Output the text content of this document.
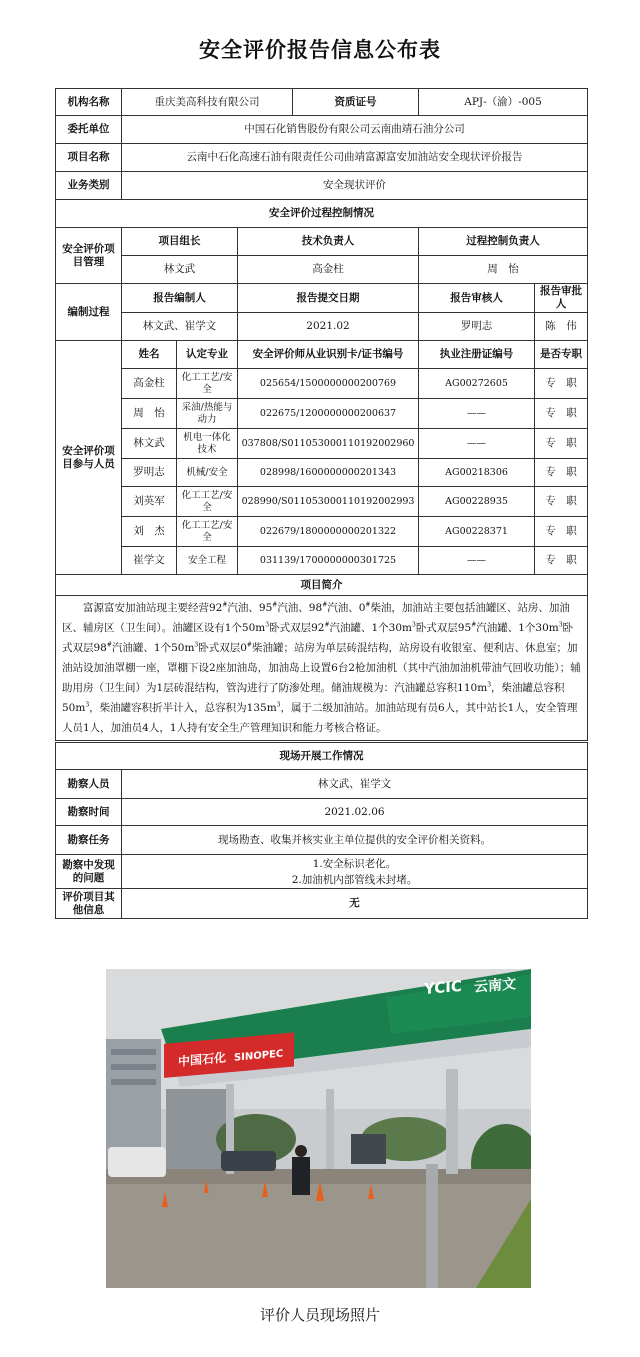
安全评价报告信息公布表
机构名称	重庆美高科技有限公司			资质证号	APJ-（渝）-005	
委托单位	中国石化销售股份有限公司云南曲靖石油分公司					
项目名称	云南中石化高速石油有限责任公司曲靖富源富安加油站安全现状评价报告					
业务类别	安全现状评价					
安全评价过程控制情况						
安全评价项目管理	项目组长		技术负责人		过程控制负责人	
	林文武		高金柱		周　怡	
编制过程	报告编制人		报告提交日期		报告审核人	报告审批人
	林文武、崔学文		2021.02		罗明志	陈　伟
安全评价项目参与人员	姓名	认定专业	安全评价师从业识别卡/证书编号		执业注册证编号	是否专职
	高金柱	化工工艺/安全	025654/1500000000200769		AG00272605	专　职
	周　怡	采油/热能与动力	022675/1200000000200637		——	专　职
	林文武	机电一体化技术	037808/S011053000110192002960		——	专　职
	罗明志	机械/安全	028998/1600000000201343		AG00218306	专　职
	刘英军	化工工艺/安全	028990/S011053000110192002993		AG00228935	专　职
	刘　杰	化工工艺/安全	022679/1800000000201322		AG00228371	专　职
	崔学文	安全工程	031139/1700000000301725		——	专　职
项目简介						
富源富安加油站现主要经营92#汽油、95#汽油、98#汽油、0#柴油，加油站主要包括油罐区、站房、加油区、辅房区（卫生间）。油罐区设有1个$50m^3$卧式双层92#汽油罐、1个$30m^3$卧式双层95#汽油罐、1个$30m^3$卧式双层98#汽油罐、1个$50m^3$卧式双层0#柴油罐；站房为单层砖混结构，站房设有收银室、便利店、休息室；加油站设加油罩棚一座，罩棚下设2座加油岛，加油岛上设置6台2枪加油机（其中汽油加油机带油气回收功能）；辅助用房（卫生间）为1层砖混结构，管沟进行了防渗处理。储油规模为：汽油罐总容积$110m^3$，柴油罐总容积$50m^3$，柴油罐容积折半计入，总容积为$135m^3$，属于二级加油站。加油站现有员6人，其中站长1人，安全管理人员1人，加油员4人，1人持有安全生产管理知识和能力考核合格证。						
现场开展工作情况	
勘察人员	林文武、崔学文
勘察时间	2021.02.06
勘察任务	现场勘查、收集并核实业主单位提供的安全评价相关资料。
勘察中发现的问题	1.安全标识老化。
2.加油机内部管线未封堵。

评价项目其他信息	无
中国石化 SINOPEC
YCIC 云南文
评价人员现场照片
